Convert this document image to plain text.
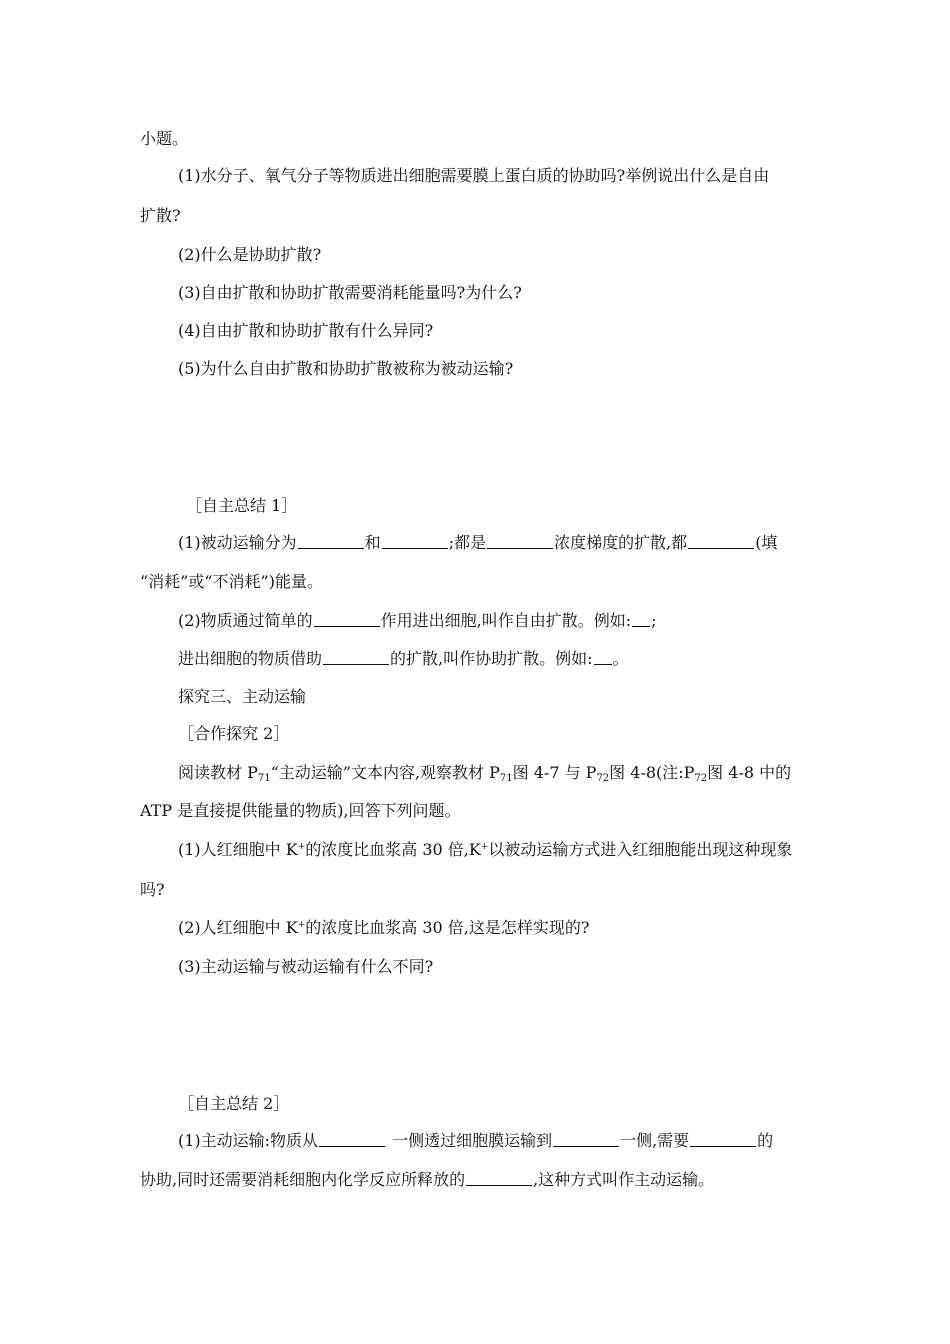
小题。
(1)水分子、氧气分子等物质进出细胞需要膜上蛋白质的协助吗?举例说出什么是自由
扩散?
(2)什么是协助扩散?
(3)自由扩散和协助扩散需要消耗能量吗?为什么?
(4)自由扩散和协助扩散有什么异同?
(5)为什么自由扩散和协助扩散被称为被动运输?
［自主总结 1］
(1)被动运输分为	和	;都是	浓度梯度的扩散,都	(填
“消耗”或“不消耗”)能量。
(2)物质通过简单的	作用进出细胞,叫作自由扩散。例如: ;
进出细胞的物质借助	的扩散,叫作协助扩散。例如: 。
探究三、主动运输
［合作探究 2］
阅读教材 $P_{71}“$主动运输”文本内容,观察教材 $P_{71}$图 4-7 与 $P_{72}$图 4-8(注$:P_{72}$图 4-8 中的
ATP 是直接提供能量的物质),回答下列问题。
(1)人红细胞中 K+的浓度比血浆高 30 倍,K+以被动运输方式进入红细胞能出现这种现象
吗?
(2)人红细胞中 K+的浓度比血浆高 30 倍,这是怎样实现的?
(3)主动运输与被动运输有什么不同?
［自主总结 2］
(1)主动运输:物质从	一侧透过细胞膜运输到	一侧,需要	的
协助,同时还需要消耗细胞内化学反应所释放的	,这种方式叫作主动运输。
